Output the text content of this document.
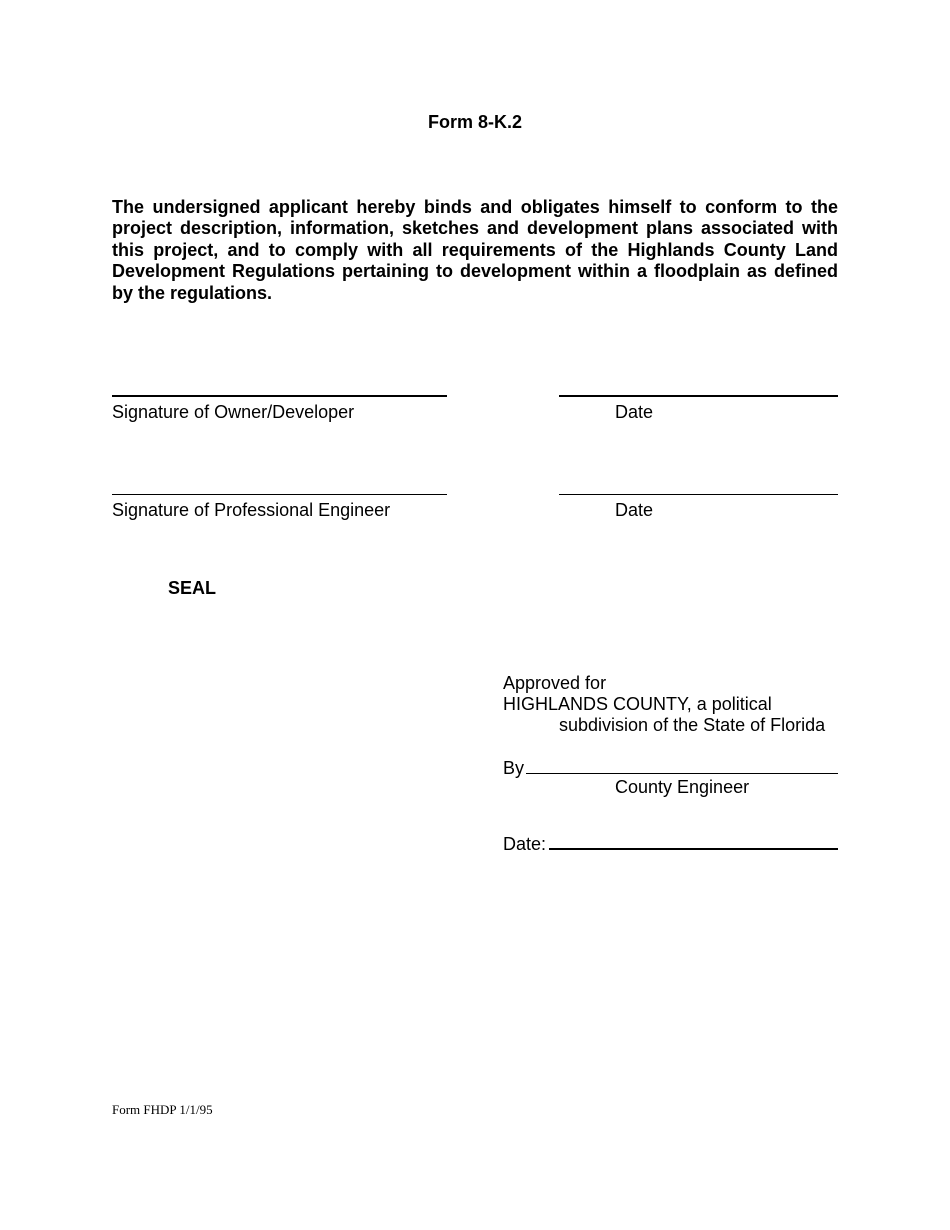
Form 8-K.2

The undersigned applicant hereby binds and obligates himself to conform to the project description, information, sketches and development plans associated with this project, and to comply with all requirements of the Highlands County Land Development Regulations pertaining to development within a floodplain as defined by the regulations.

Signature of Owner/Developer	Date
Signature of Professional Engineer	Date
SEAL
Approved for
HIGHLANDS COUNTY, a political
subdivision of the State of Florida
By
County Engineer
Date:
Form FHDP 1/1/95
